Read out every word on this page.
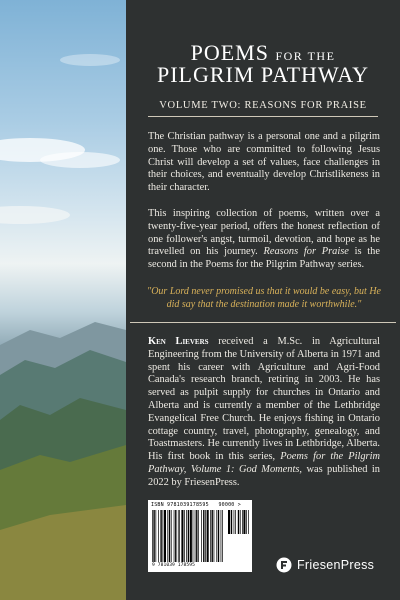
POEMS FOR THE
PILGRIM PATHWAY
VOLUME TWO: REASONS FOR PRAISE
The Christian pathway is a personal one and a pilgrim one. Those who are committed to following Jesus Christ will develop a set of values, face challenges in their choices, and eventually develop Christlikeness in their character.
This inspiring collection of poems, written over a twenty-five-year period, offers the honest reflection of one follower's angst, turmoil, devotion, and hope as he travelled on his journey. Reasons for Praise is the second in the Poems for the Pilgrim Pathway series.
"Our Lord never promised us that it would be easy, but He did say that the destination made it worthwhile."
Ken Lievers received a M.Sc. in Agricultural Engineering from the University of Alberta in 1971 and spent his career with Agriculture and Agri-Food Canada's research branch, retiring in 2003. He has served as pulpit supply for churches in Ontario and Alberta and is currently a member of the Lethbridge Evangelical Free Church. He enjoys fishing in Ontario cottage country, travel, photography, genealogy, and Toastmasters. He currently lives in Lethbridge, Alberta. His first book in this series, Poems for the Pilgrim Pathway, Volume 1: God Moments, was published in 2022 by FriesenPress.
ISBN 9781039178595 90000 >
9 781039 178595	FriesenPress
